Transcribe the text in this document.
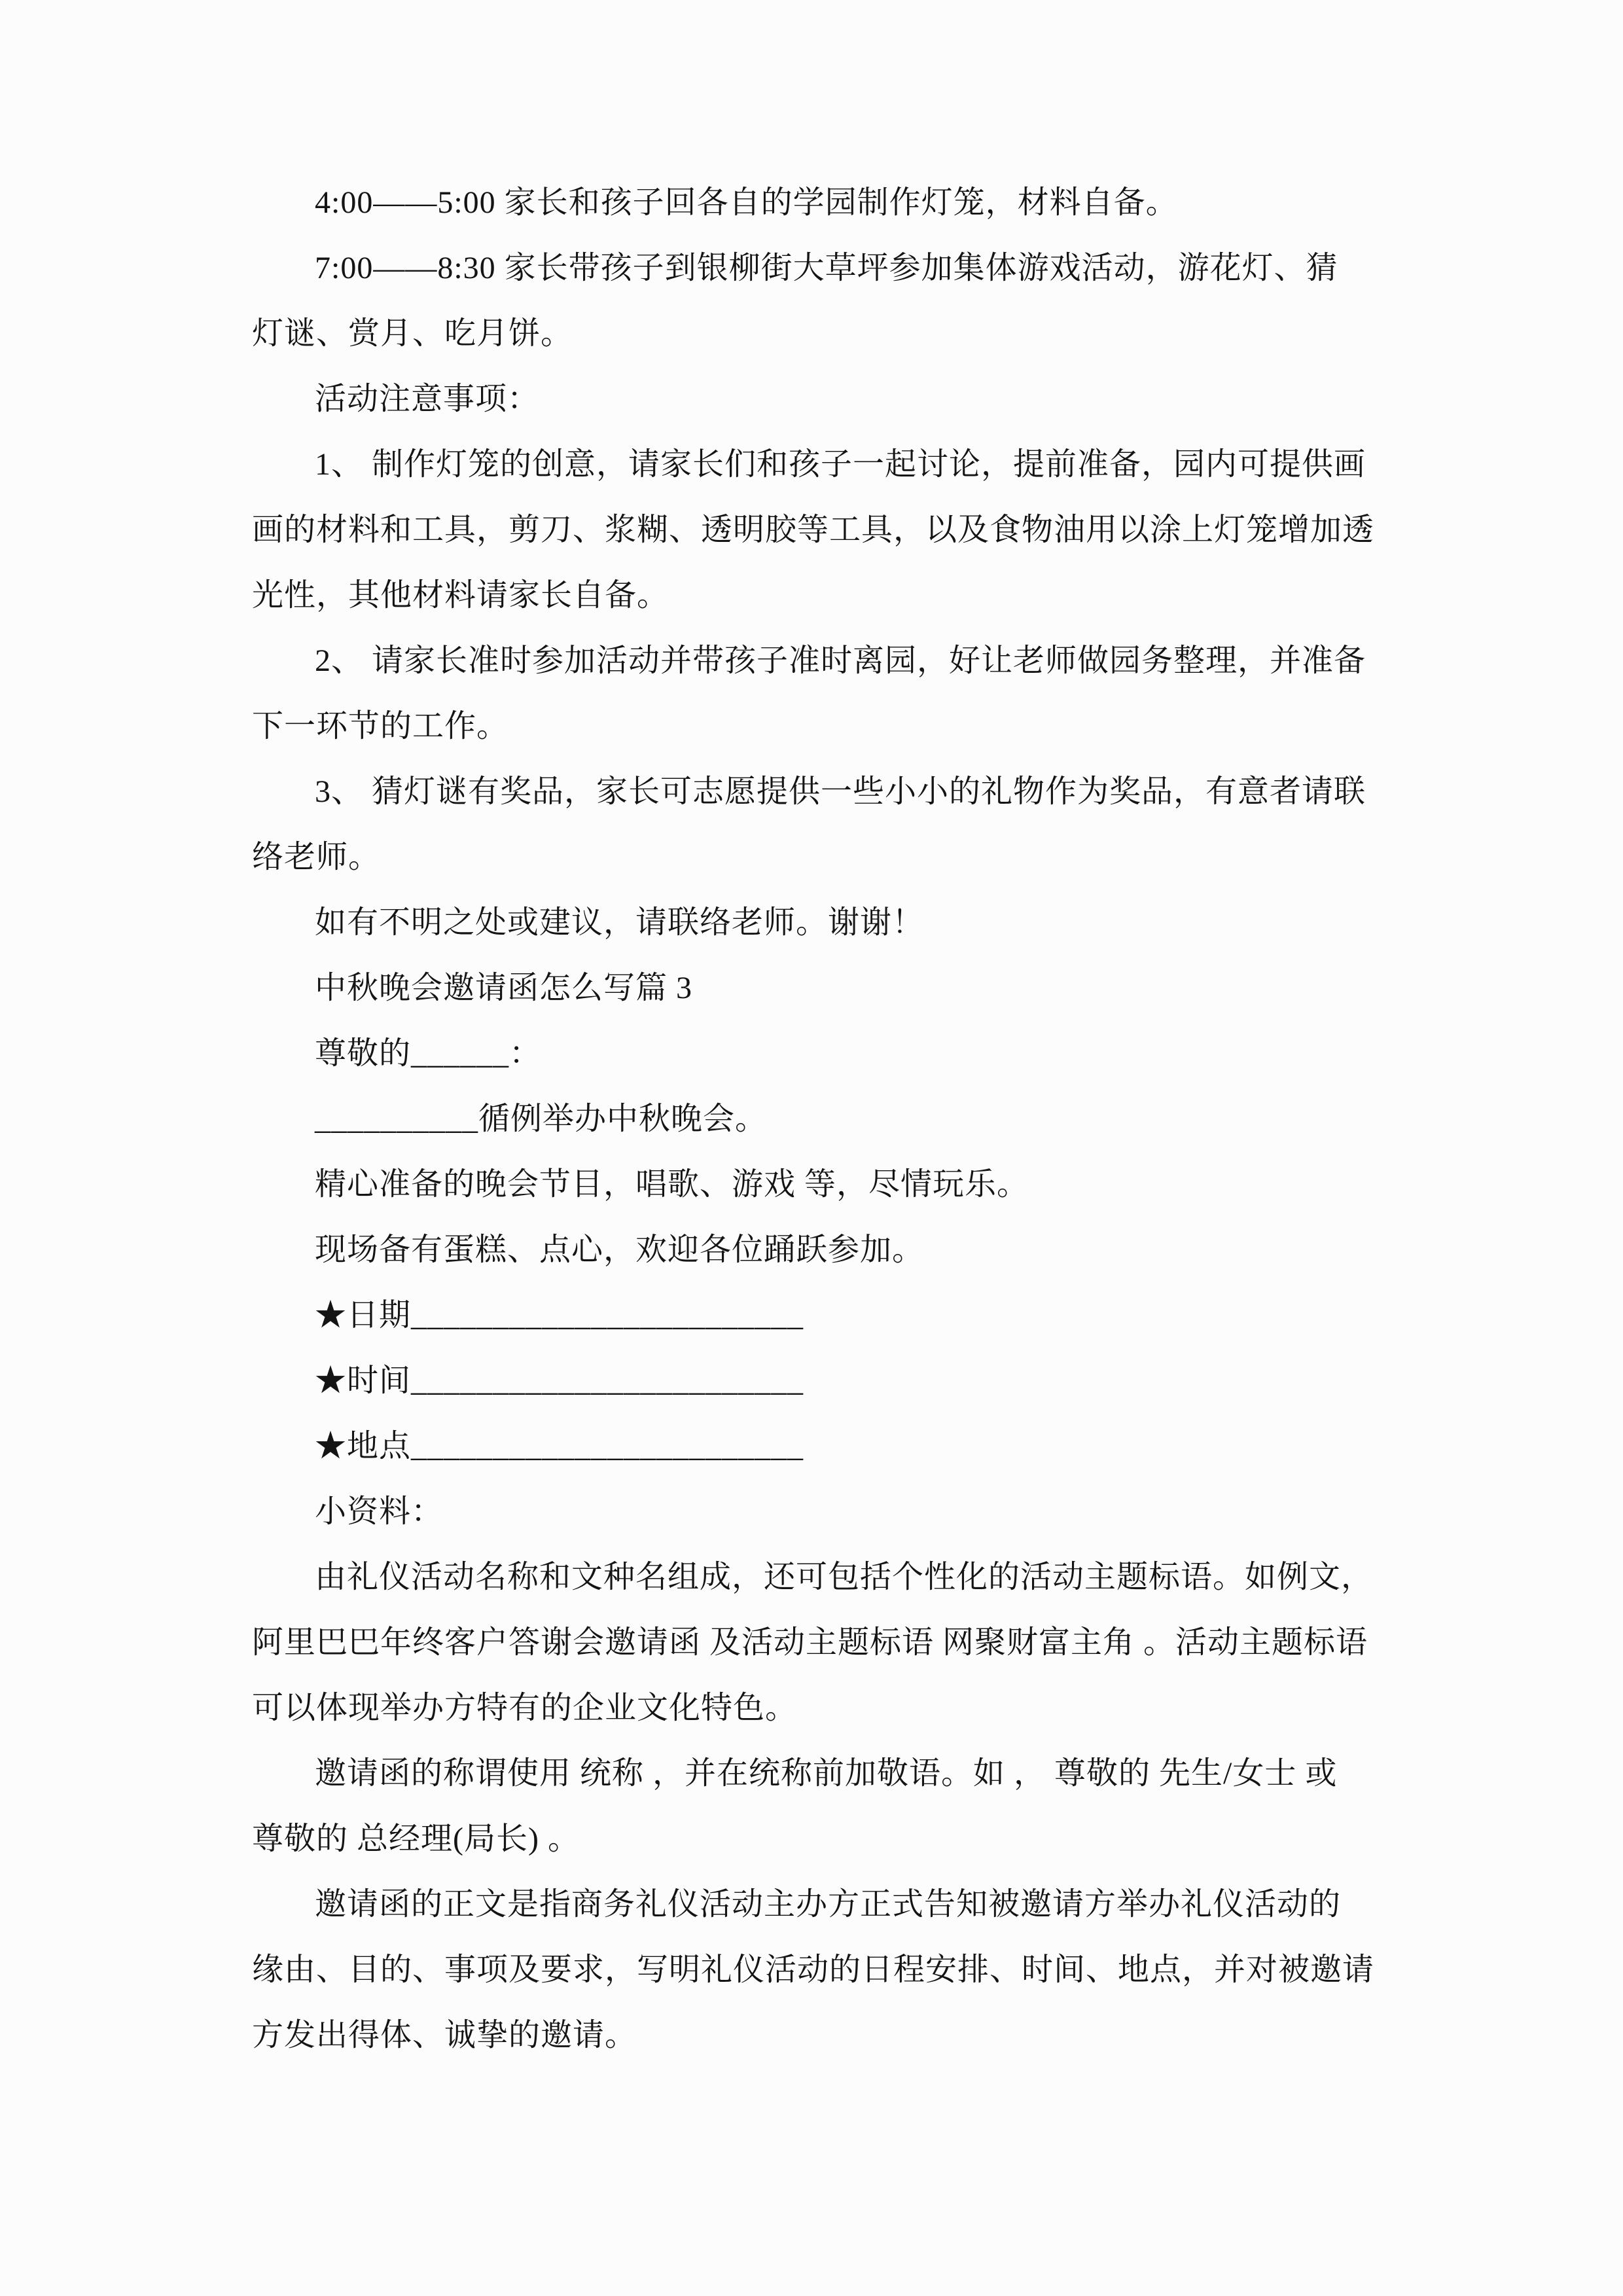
4:00——5:00 家长和孩子回各自的学园制作灯笼，材料自备。
7:00——8:30 家长带孩子到银柳街大草坪参加集体游戏活动，游花灯、猜
灯谜、赏月、吃月饼。
活动注意事项：
1、 制作灯笼的创意，请家长们和孩子一起讨论，提前准备，园内可提供画
画的材料和工具，剪刀、浆糊、透明胶等工具，以及食物油用以涂上灯笼增加透
光性，其他材料请家长自备。
2、 请家长准时参加活动并带孩子准时离园，好让老师做园务整理，并准备
下一环节的工作。
3、 猜灯谜有奖品，家长可志愿提供一些小小的礼物作为奖品，有意者请联
络老师。
如有不明之处或建议，请联络老师。谢谢！
中秋晚会邀请函怎么写篇 3
尊敬的______：
__________循例举办中秋晚会。
精心准备的晚会节目，唱歌、游戏 等，尽情玩乐。
现场备有蛋糕、点心，欢迎各位踊跃参加。
★日期________________________
★时间________________________
★地点________________________
小资料：
由礼仪活动名称和文种名组成，还可包括个性化的活动主题标语。如例文，
阿里巴巴年终客户答谢会邀请函 及活动主题标语 网聚财富主角 。活动主题标语
可以体现举办方特有的企业文化特色。
邀请函的称谓使用 统称 ，并在统称前加敬语。如 ， 尊敬的 先生/女士 或
尊敬的 总经理(局长) 。
邀请函的正文是指商务礼仪活动主办方正式告知被邀请方举办礼仪活动的
缘由、目的、事项及要求，写明礼仪活动的日程安排、时间、地点，并对被邀请
方发出得体、诚挚的邀请。
